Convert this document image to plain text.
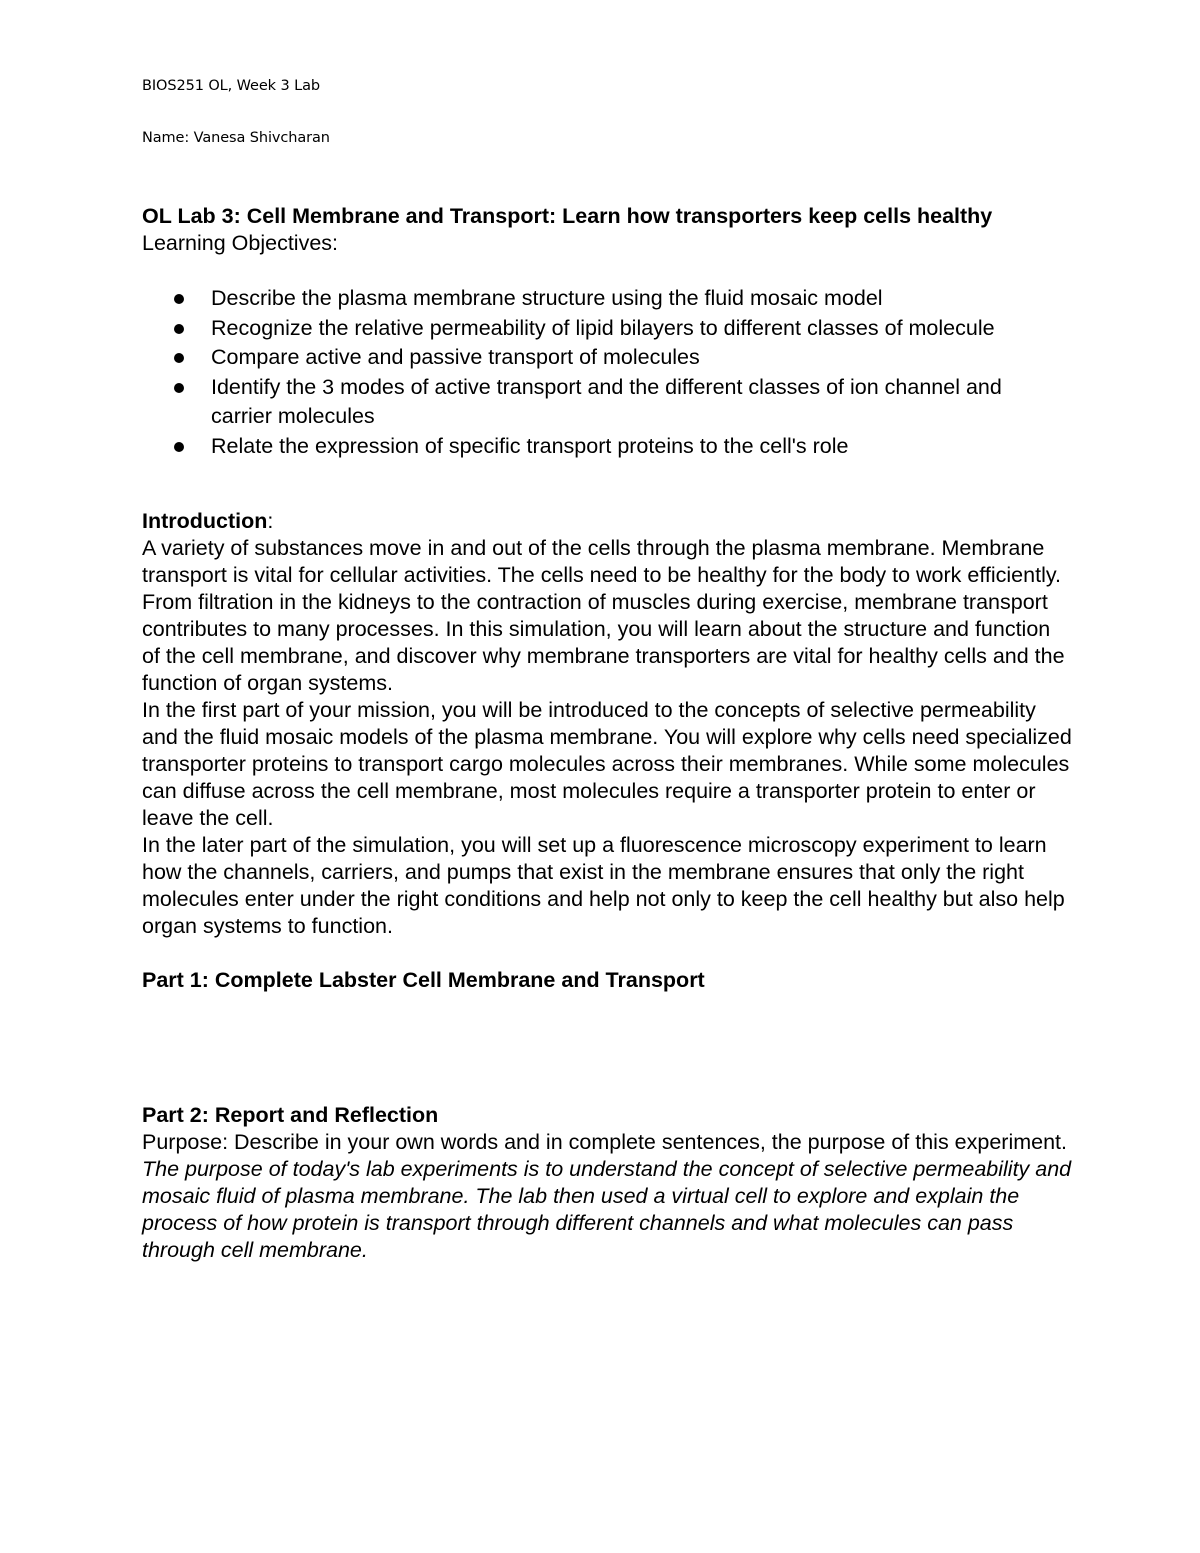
BIOS251 OL, Week 3 Lab
Name: Vanesa Shivcharan

OL Lab 3: Cell Membrane and Transport: Learn how transporters keep cells healthy

Learning Objectives:

Describe the plasma membrane structure using the fluid mosaic model
Recognize the relative permeability of lipid bilayers to different classes of molecule
Compare active and passive transport of molecules
Identify the 3 modes of active transport and the different classes of ion channel and carrier molecules
Relate the expression of specific transport proteins to the cell's role

Introduction:

A variety of substances move in and out of the cells through the plasma membrane. Membrane transport is vital for cellular activities. The cells need to be healthy for the body to work efficiently. From filtration in the kidneys to the contraction of muscles during exercise, membrane transport contributes to many processes. In this simulation, you will learn about the structure and function of the cell membrane, and discover why membrane transporters are vital for healthy cells and the function of organ systems.

In the first part of your mission, you will be introduced to the concepts of selective permeability and the fluid mosaic models of the plasma membrane. You will explore why cells need specialized transporter proteins to transport cargo molecules across their membranes. While some molecules can diffuse across the cell membrane, most molecules require a transporter protein to enter or leave the cell.

In the later part of the simulation, you will set up a fluorescence microscopy experiment to learn how the channels, carriers, and pumps that exist in the membrane ensures that only the right molecules enter under the right conditions and help not only to keep the cell healthy but also help organ systems to function.

Part 1: Complete Labster Cell Membrane and Transport

Part 2: Report and Reflection

Purpose: Describe in your own words and in complete sentences, the purpose of this experiment.

The purpose of today's lab experiments is to understand the concept of selective permeability and mosaic fluid of plasma membrane. The lab then used a virtual cell to explore and explain the process of how protein is transport through different channels and what molecules can pass through cell membrane.
